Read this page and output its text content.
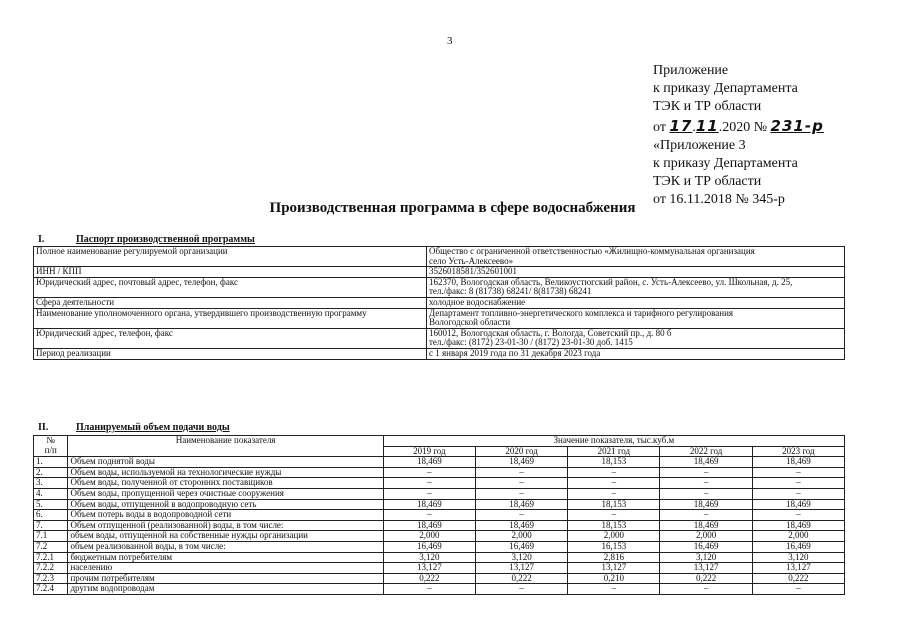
3
Приложение
к приказу Департамента
ТЭК и ТР области
от 17.11.2020 № 231-р
«Приложение 3
к приказу Департамента
ТЭК и ТР области
от 16.11.2018 № 345-р
Производственная программа в сфере водоснабжения
I.	Паспорт производственной программы
Полное наименование регулируемой организации	Общество с ограниченной ответственностью «Жилищно-коммунальная организация
село Усть-Алексеево»

ИНН / КПП	3526018581/352601001

Юридический адрес, почтовый адрес, телефон, факс	162370, Вологодская область, Великоустюгский район, с. Усть-Алексеево, ул. Школьная, д. 25,
тел./факс: 8 (81738) 68241/ 8(81738) 68241

Сфера деятельности	холодное водоснабжение

Наименование уполномоченного органа, утвердившего производственную программу	Департамент топливно-энергетического комплекса и тарифного регулирования
Вологодской области

Юридический адрес, телефон, факс	160012, Вологодская область, г. Вологда, Советский пр., д. 80 б
тел./факс: (8172) 23-01-30 / (8172) 23-01-30 доб. 1415

Период реализации	с 1 января 2019 года по 31 декабря 2023 года
II.	Планируемый объем подачи воды
№
п/п	Наименование показателя	Значение показателя, тыс.куб.м				
		2019 год	2020 год	2021 год	2022 год	2023 год
1.	Объем поднятой воды	18,469	18,469	18,153	18,469	18,469
2.	Объем воды, используемой на технологические нужды	–	–	–	–	–
3.	Объем воды, полученной от сторонних поставщиков	–	–	–	–	–
4.	Объем воды, пропущенной через очистные сооружения	–	–	–	–	–
5.	Объем воды, отпущенной в водопроводную сеть	18,469	18,469	18,153	18,469	18,469
6.	Объем потерь воды в водопроводной сети	–	–	–	–	–
7.	Объем отпущенной (реализованной) воды, в том числе:	18,469	18,469	18,153	18,469	18,469
7.1	объем воды, отпущенной на собственные нужды организации	2,000	2,000	2,000	2,000	2,000
7.2	объем реализованной воды, в том числе:	16,469	16,469	16,153	16,469	16,469
7.2.1	бюджетным потребителям	3,120	3,120	2,816	3,120	3,120
7.2.2	населению	13,127	13,127	13,127	13,127	13,127
7.2.3	прочим потребителям	0,222	0,222	0,210	0,222	0,222
7.2.4	другим водопроводам	–	–	–	–	–
